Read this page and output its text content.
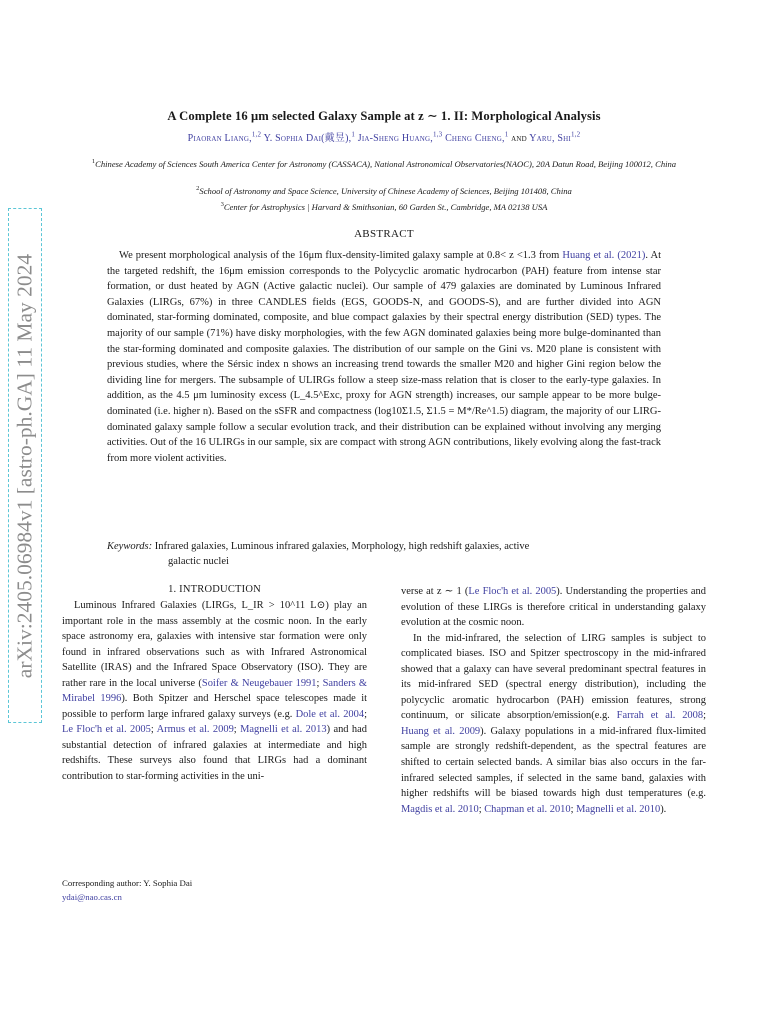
arXiv:2405.06984v1 [astro-ph.GA] 11 May 2024
A Complete 16 μm selected Galaxy Sample at z ∼ 1. II: Morphological Analysis
Piaoran Liang,$^{1,2}$ Y. Sophia Dai(戴昱),$^1$ Jia-Sheng Huang,$^{1,3}$ Cheng Cheng,$^1$ and Yaru, Shi$^{1,2}$
$^1$Chinese Academy of Sciences South America Center for Astronomy (CASSACA), National Astronomical Observatories(NAOC), 20A Datun Road, Beijing 100012, China
$^2$School of Astronomy and Space Science, University of Chinese Academy of Sciences, Beijing 101408, China
$^3$Center for Astrophysics | Harvard & Smithsonian, 60 Garden St., Cambridge, MA 02138 USA
ABSTRACT

We present morphological analysis of the 16μm flux-density-limited galaxy sample at 0.8< z <1.3 from Huang et al. (2021). At the targeted redshift, the 16μm emission corresponds to the Polycyclic aromatic hydrocarbon (PAH) feature from intense star formation, or dust heated by AGN (Active galactic nuclei). Our sample of 479 galaxies are dominated by Luminous Infrared Galaxies (LIRGs, 67%) in three CANDLES fields (EGS, GOODS-N, and GOODS-S), and are further divided into AGN dominated, star-forming dominated, composite, and blue compact galaxies by their spectral energy distribution (SED) types. The majority of our sample (71%) have disky morphologies, with the few AGN dominated galaxies being more bulge-dominanted than the star-forming dominated and composite galaxies. The distribution of our sample on the Gini vs. M20 plane is consistent with previous studies, where the Sérsic index n shows an increasing trend towards the smaller M20 and higher Gini region below the dividing line for mergers. The subsample of ULIRGs follow a steep size-mass relation that is closer to the early-type galaxies. In addition, as the 4.5 μm luminosity excess (L_4.5^Exc, proxy for AGN strength) increases, our sample appear to be more bulge-dominated (i.e. higher n). Based on the sSFR and compactness (log10Σ1.5, Σ1.5 = M*/Re^1.5) diagram, the majority of our LIRG-dominated galaxy sample follow a secular evolution track, and their distribution can be explained without involving any merging activities. Out of the 16 ULIRGs in our sample, six are compact with strong AGN contributions, likely evolving along the fast-track from more violent activities.

Keywords: Infrared galaxies, Luminous infrared galaxies, Morphology, high redshift galaxies, active
galactic nuclei
1. INTRODUCTION

Luminous Infrared Galaxies (LIRGs, L_IR > 10^11 L⊙) play an important role in the mass assembly at the cosmic noon. In the early space astronomy era, galaxies with intensive star formation were only found in infrared observations such as with Infrared Astronomical Satellite (IRAS) and the Infrared Space Observatory (ISO). They are rather rare in the local universe (Soifer & Neugebauer 1991; Sanders & Mirabel 1996). Both Spitzer and Herschel space telescopes made it possible to perform large infrared galaxy surveys (e.g. Dole et al. 2004; Le Floc'h et al. 2005; Armus et al. 2009; Magnelli et al. 2013) and had substantial detection of infrared galaxies at intermediate and high redshifts. These surveys also found that LIRGs had a dominant contribution to star-forming activities in the uni-

verse at z ∼ 1 (Le Floc'h et al. 2005). Understanding the properties and evolution of these LIRGs is therefore critical in understanding galaxy evolution at the cosmic noon.

In the mid-infrared, the selection of LIRG samples is subject to complicated biases. ISO and Spitzer spectroscopy in the mid-infrared showed that a galaxy can have several predominant spectral features in its mid-infrared SED (spectral energy distribution), including the polycyclic aromatic hydrocarbon (PAH) emission features, strong continuum, or silicate absorption/emission(e.g. Farrah et al. 2008; Huang et al. 2009). Galaxy populations in a mid-infrared flux-limited sample are strongly redshift-dependent, as the spectral features are shifted to certain selected bands. A similar bias also occurs in the far-infrared selected samples, if selected in the same band, galaxies with higher redshifts will be biased towards high dust temperatures (e.g. Magdis et al. 2010; Chapman et al. 2010; Magnelli et al. 2010).

Corresponding author: Y. Sophia Dai
ydai@nao.cas.cn
